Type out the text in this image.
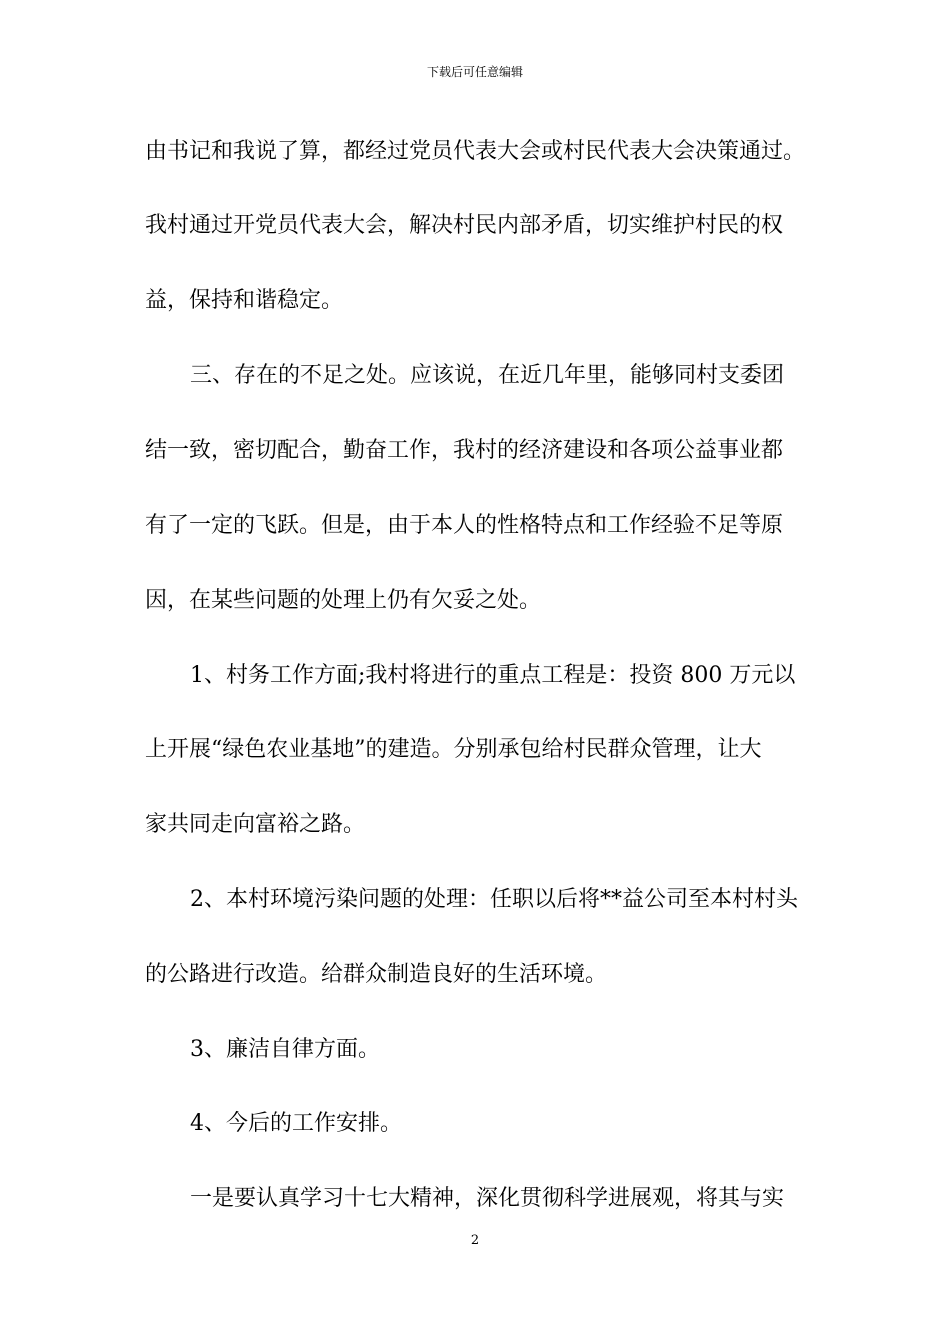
下载后可任意编辑
由书记和我说了算，都经过党员代表大会或村民代表大会决策通过。
我村通过开党员代表大会，解决村民内部矛盾，切实维护村民的权
益，保持和谐稳定。
三、存在的不足之处。应该说，在近几年里，能够同村支委团
结一致，密切配合，勤奋工作，我村的经济建设和各项公益事业都
有了一定的飞跃。但是，由于本人的性格特点和工作经验不足等原
因，在某些问题的处理上仍有欠妥之处。
1、村务工作方面;我村将进行的重点工程是：投资 800 万元以
上开展“绿色农业基地”的建造。分别承包给村民群众管理，让大
家共同走向富裕之路。
2、本村环境污染问题的处理：任职以后将**益公司至本村村头
的公路进行改造。给群众制造良好的生活环境。
3、廉洁自律方面。
4、今后的工作安排。
一是要认真学习十七大精神，深化贯彻科学进展观，将其与实
2
